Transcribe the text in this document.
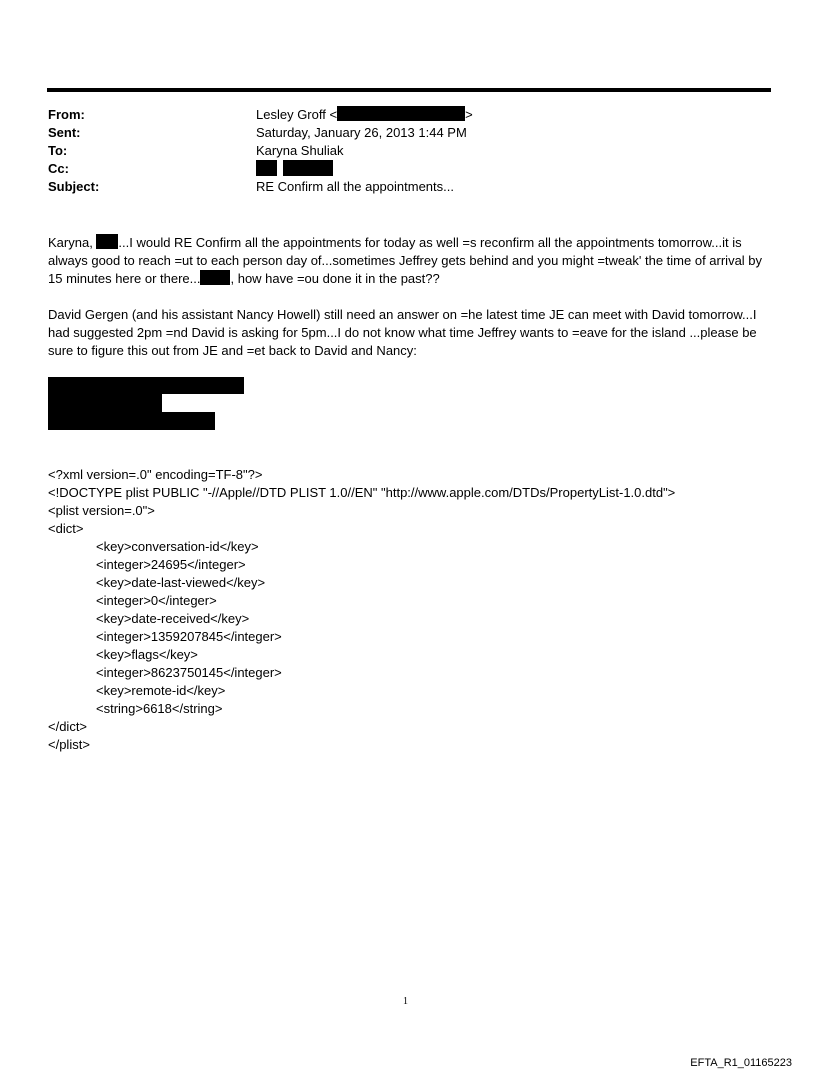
From:	Lesley Groff <	>
Sent:	Saturday, January 26, 2013 1:44 PM
To:	Karyna Shuliak
Cc:

Subject:	RE Confirm all the appointments...

Karyna, ...I would RE Confirm all the appointments for today as well =s reconfirm all the appointments tomorrow...it is always good to reach =ut to each person day of...sometimes Jeffrey gets behind and you might =tweak' the time of arrival by 15 minutes here or there... , how have =ou done it in the past??

David Gergen (and his assistant Nancy Howell) still need an answer on =he latest time JE can meet with David tomorrow...I had suggested 2pm =nd David is asking for 5pm...I do not know what time Jeffrey wants to =eave for the island ...please be sure to figure this out from JE and =et back to David and Nancy:

<?xml version=.0" encoding=TF-8"?>
<!DOCTYPE plist PUBLIC "-//Apple//DTD PLIST 1.0//EN" "http://www.apple.com/DTDs/PropertyList-1.0.dtd">
<plist version=.0">
<dict>
<key>conversation-id</key>
<integer>24695</integer>
<key>date-last-viewed</key>
<integer>0</integer>
<key>date-received</key>
<integer>1359207845</integer>
<key>flags</key>
<integer>8623750145</integer>
<key>remote-id</key>
<string>6618</string>
</dict>
</plist>
1
EFTA_R1_01165223
